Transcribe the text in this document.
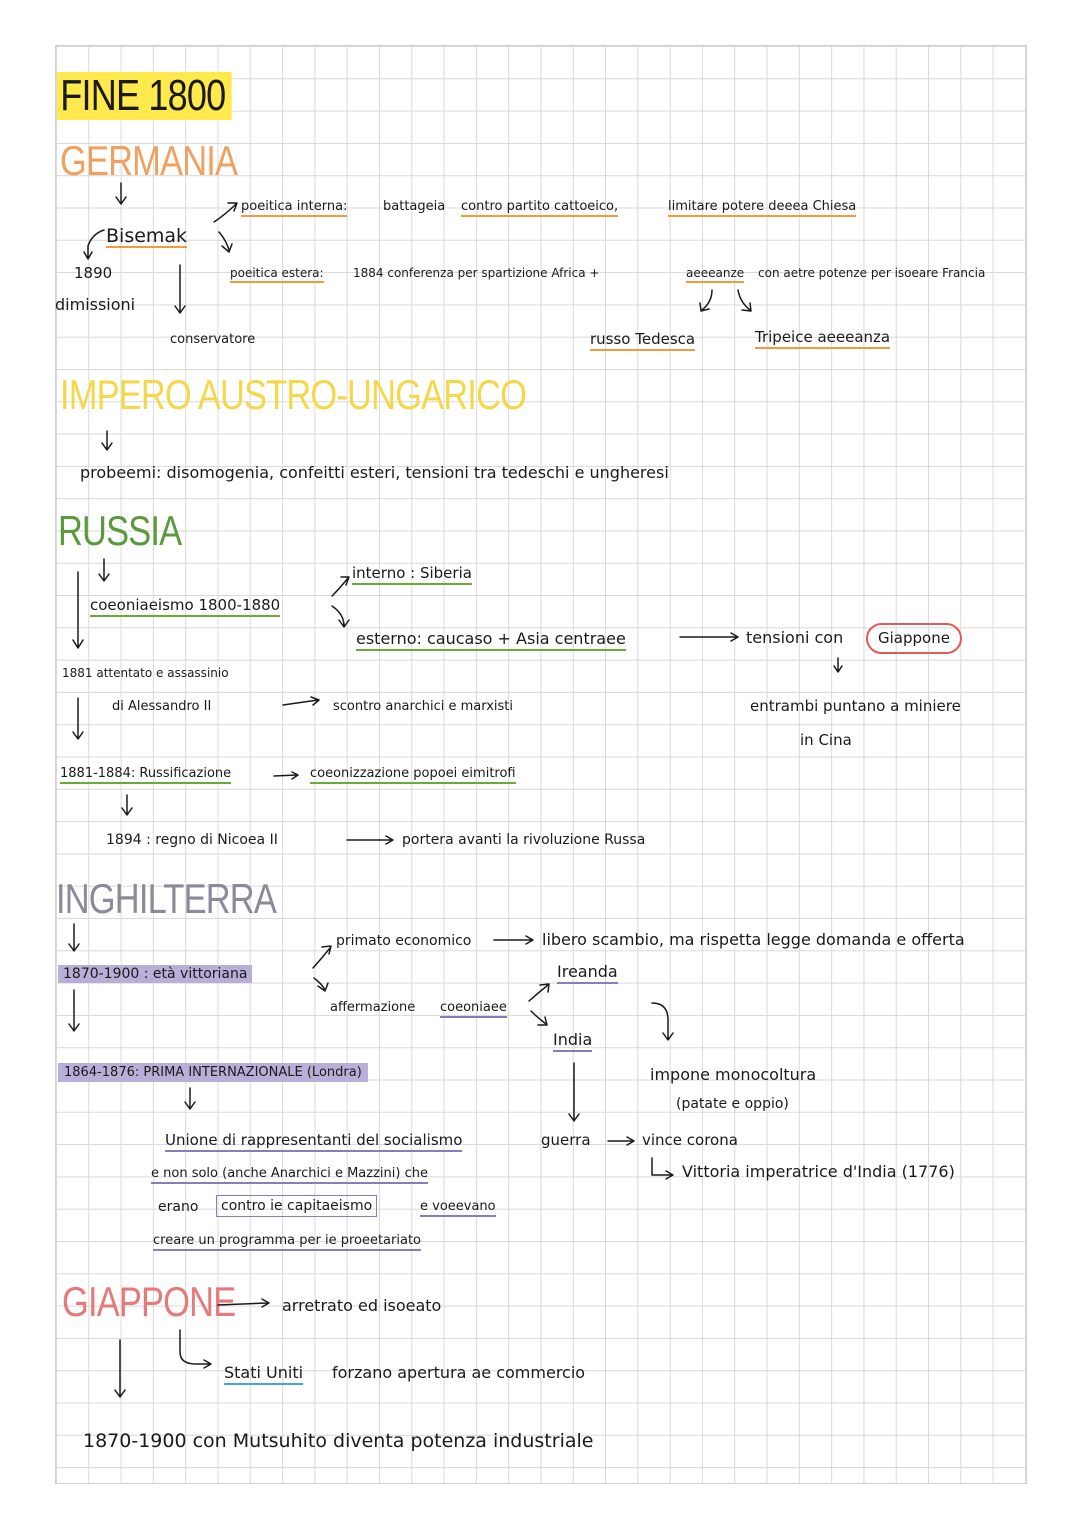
FINE 1800
GERMANIA
Bisemak
1890
dimissioni
conservatore
poeitica interna:	battageia contro partito cattoeico,	limitare potere deeea Chiesa
poeitica estera: 1884 conferenza per spartizione Africa +	aeeeanze con aetre potenze per isoeare Francia
russo Tedesca	Tripeice aeeeanza
IMPERO AUSTRO-UNGARICO
probeemi: disomogenia, confeitti esteri, tensioni tra tedeschi e ungheresi
RUSSIA
coeoniaeismo 1800-1880
interno : Siberia
esterno: caucaso + Asia centraee	tensioni con	Giappone
entrambi puntano a miniere
in Cina
1881 attentato e assassinio
di Alessandro II	scontro anarchici e marxisti
1881-1884: Russificazione	coeonizzazione popoei eimitrofi
1894 : regno di Nicoea II	portera avanti la rivoluzione Russa
INGHILTERRA
1870-1900 : età vittoriana
primato economico	libero scambio, ma rispetta legge domanda e offerta
affermazione coeoniaee
Ireanda
India
impone monocoltura
(patate e oppio)
guerra	vince corona
Vittoria imperatrice d'India (1776)
1864-1876: PRIMA INTERNAZIONALE (Londra)
Unione di rappresentanti del socialismo
e non solo (anche Anarchici e Mazzini) che
erano	contro ie capitaeismo	e voeevano
creare un programma per ie proeetariato
GIAPPONE	arretrato ed isoeato
Stati Uniti forzano apertura ae commercio
1870-1900 con Mutsuhito diventa potenza industriale
